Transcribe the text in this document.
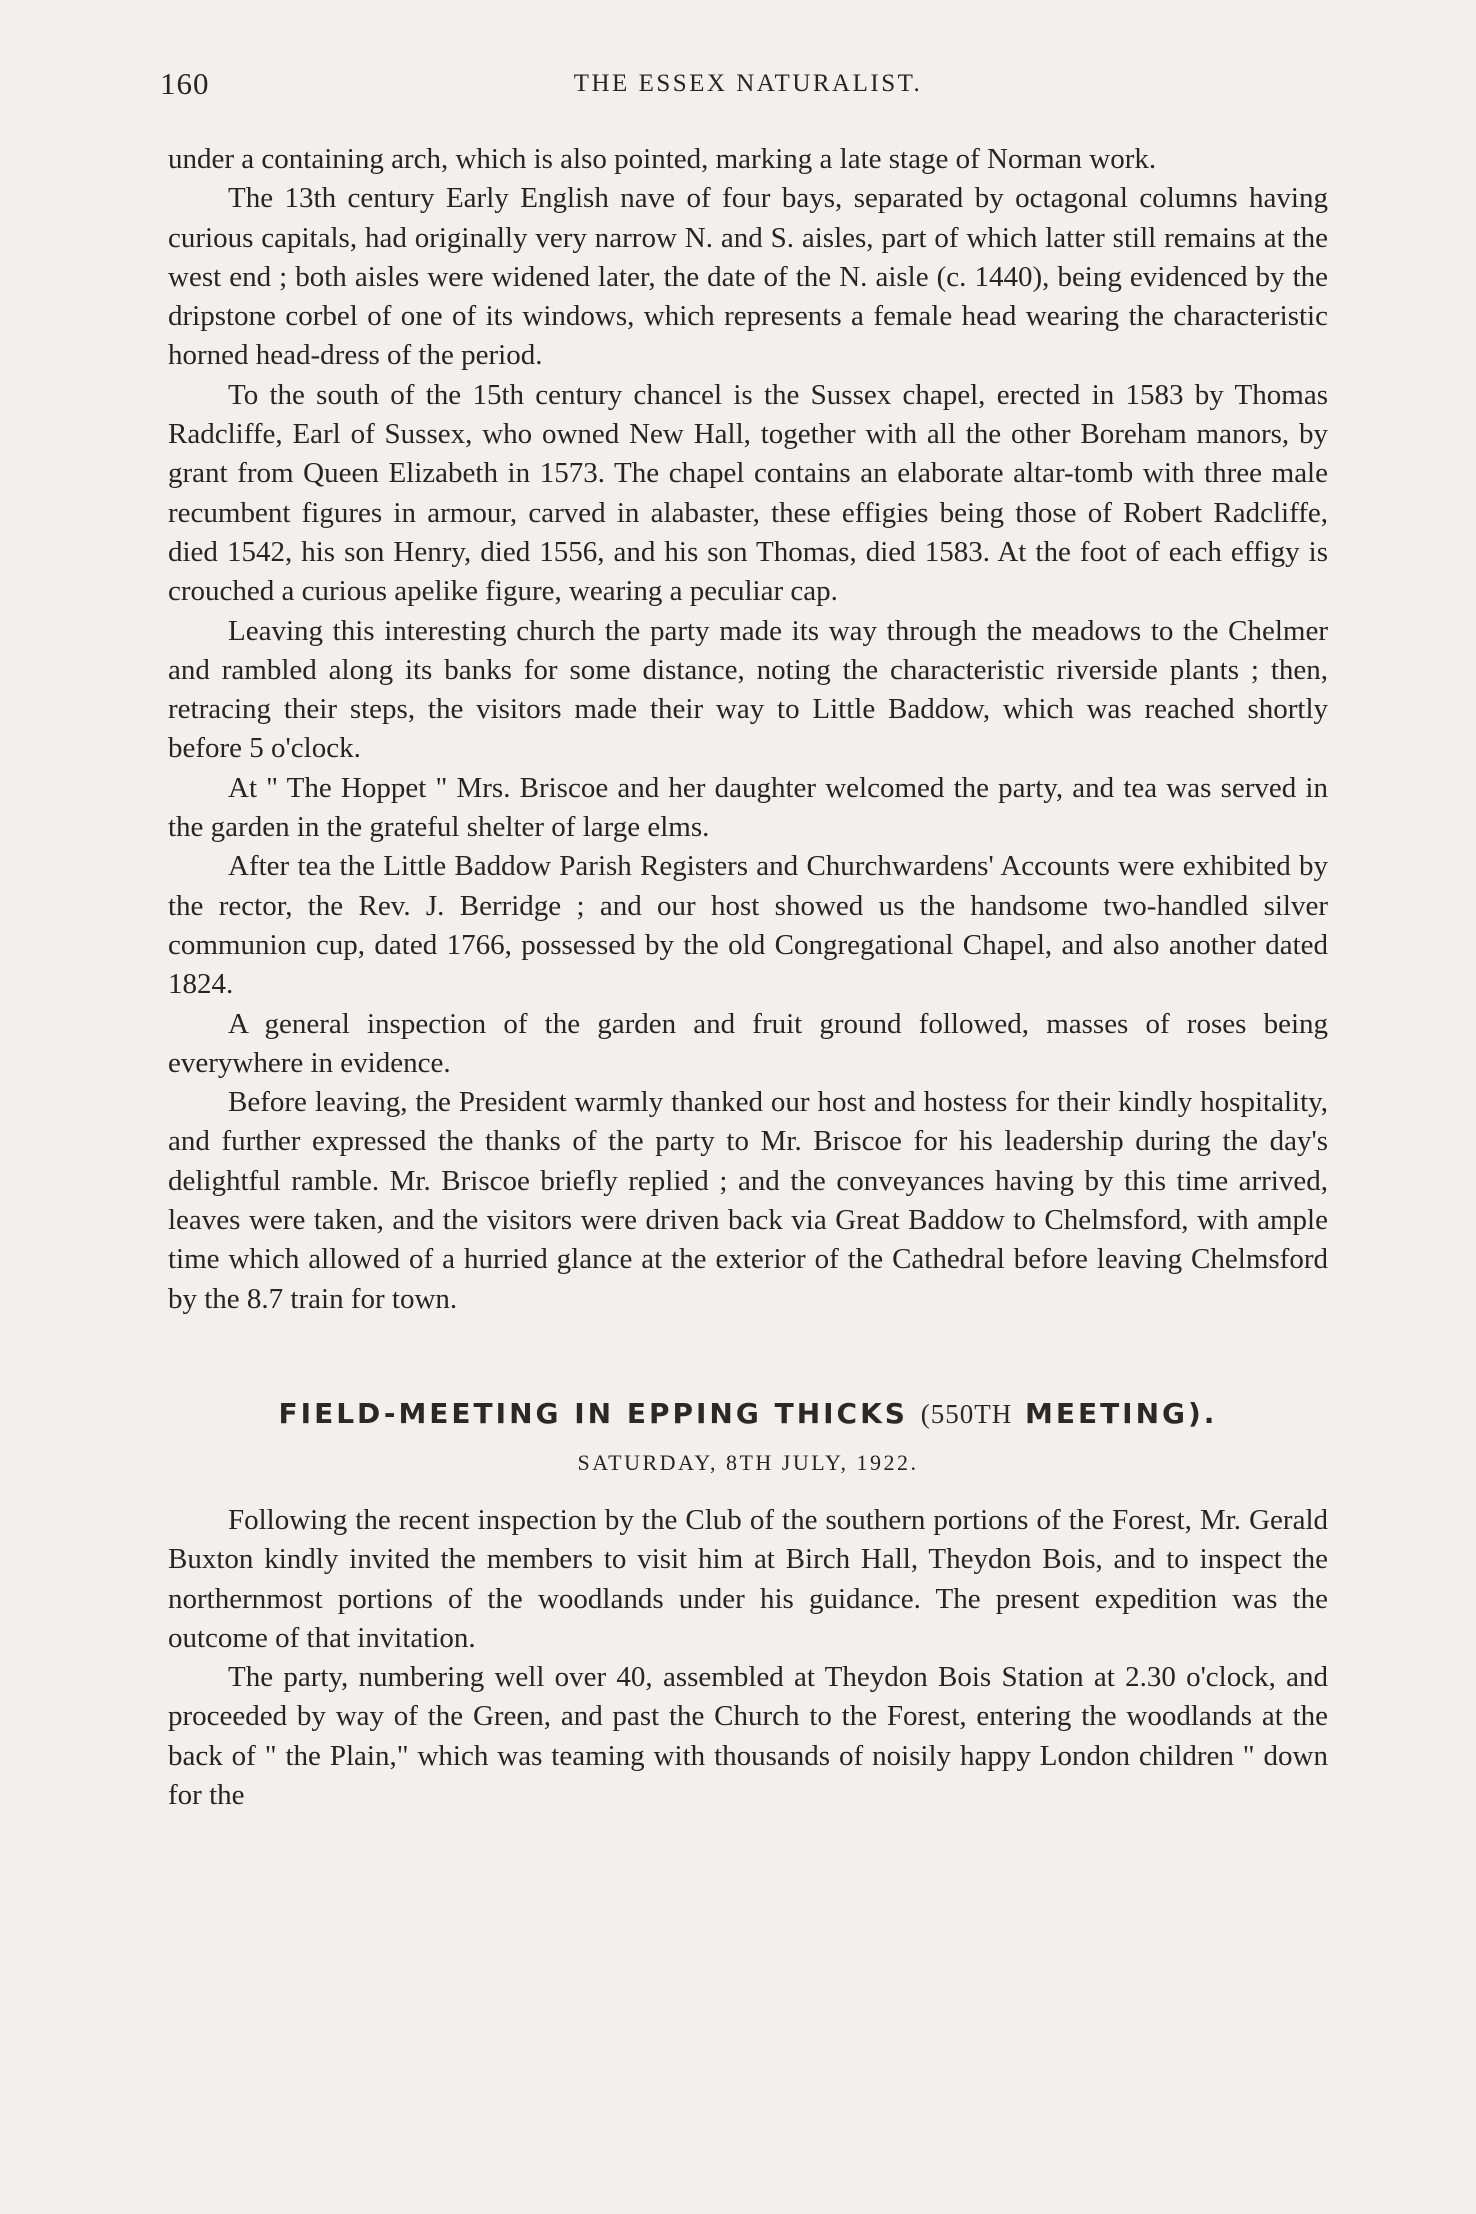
160	THE ESSEX NATURALIST.

under a containing arch, which is also pointed, marking a late stage of Norman work.

The 13th century Early English nave of four bays, separated by octagonal columns having curious capitals, had originally very narrow N. and S. aisles, part of which latter still remains at the west end ; both aisles were widened later, the date of the N. aisle (c. 1440), being evidenced by the dripstone corbel of one of its windows, which represents a female head wearing the characteristic horned head-dress of the period.

To the south of the 15th century chancel is the Sussex chapel, erected in 1583 by Thomas Radcliffe, Earl of Sussex, who owned New Hall, together with all the other Boreham manors, by grant from Queen Elizabeth in 1573. The chapel contains an elaborate altar-tomb with three male recumbent figures in armour, carved in alabaster, these effigies being those of Robert Radcliffe, died 1542, his son Henry, died 1556, and his son Thomas, died 1583. At the foot of each effigy is crouched a curious apelike figure, wearing a peculiar cap.

Leaving this interesting church the party made its way through the meadows to the Chelmer and rambled along its banks for some distance, noting the characteristic riverside plants ; then, retracing their steps, the visitors made their way to Little Baddow, which was reached shortly before 5 o'clock.

At " The Hoppet " Mrs. Briscoe and her daughter welcomed the party, and tea was served in the garden in the grateful shelter of large elms.

After tea the Little Baddow Parish Registers and Churchwardens' Accounts were exhibited by the rector, the Rev. J. Berridge ; and our host showed us the handsome two-handled silver communion cup, dated 1766, possessed by the old Congregational Chapel, and also another dated 1824.

A general inspection of the garden and fruit ground followed, masses of roses being everywhere in evidence.

Before leaving, the President warmly thanked our host and hostess for their kindly hospitality, and further expressed the thanks of the party to Mr. Briscoe for his leadership during the day's delightful ramble. Mr. Briscoe briefly replied ; and the conveyances having by this time arrived, leaves were taken, and the visitors were driven back via Great Baddow to Chelmsford, with ample time which allowed of a hurried glance at the exterior of the Cathedral before leaving Chelmsford by the 8.7 train for town.

FIELD-MEETING IN EPPING THICKS (550TH MEETING).
SATURDAY, 8TH JULY, 1922.

Following the recent inspection by the Club of the southern portions of the Forest, Mr. Gerald Buxton kindly invited the members to visit him at Birch Hall, Theydon Bois, and to inspect the northernmost portions of the woodlands under his guidance. The present expedition was the outcome of that invitation.

The party, numbering well over 40, assembled at Theydon Bois Station at 2.30 o'clock, and proceeded by way of the Green, and past the Church to the Forest, entering the woodlands at the back of " the Plain," which was teaming with thousands of noisily happy London children " down for the
